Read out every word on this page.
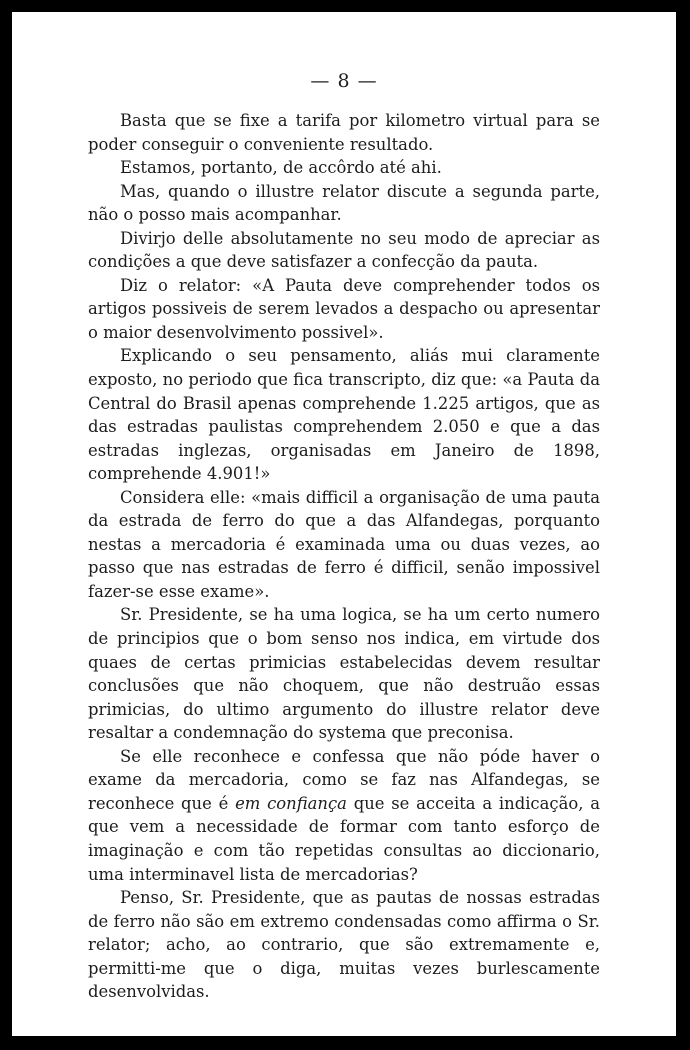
— 8 —

Basta que se fixe a tarifa por kilometro virtual para se poder conseguir o conveniente resultado.

Estamos, portanto, de accôrdo até ahi.

Mas, quando o illustre relator discute a segunda parte, não o posso mais acompanhar.

Divirjo delle absolutamente no seu modo de apreciar as condições a que deve satisfazer a confecção da pauta.

Diz o relator: «A Pauta deve comprehender todos os artigos possiveis de serem levados a despacho ou apresentar o maior desenvolvimento possivel».

Explicando o seu pensamento, aliás mui claramente exposto, no periodo que fica transcripto, diz que: «a Pauta da Central do Brasil apenas comprehende 1.225 artigos, que as das estradas paulistas comprehendem 2.050 e que a das estradas inglezas, organisadas em Janeiro de 1898, comprehende 4.901!»

Considera elle: «mais difficil a organisação de uma pauta da estrada de ferro do que a das Alfandegas, porquanto nestas a mercadoria é examinada uma ou duas vezes, ao passo que nas estradas de ferro é difficil, senão impossivel fazer-se esse exame».

Sr. Presidente, se ha uma logica, se ha um certo numero de principios que o bom senso nos indica, em virtude dos quaes de certas primicias estabelecidas devem resultar conclusões que não choquem, que não destruão essas primicias, do ultimo argumento do illustre relator deve resaltar a condemnação do systema que preconisa.

Se elle reconhece e confessa que não póde haver o exame da mercadoria, como se faz nas Alfandegas, se reconhece que é em confiança que se acceita a indicação, a que vem a necessidade de formar com tanto esforço de imaginação e com tão repetidas consultas ao diccionario, uma interminavel lista de mercadorias?

Penso, Sr. Presidente, que as pautas de nossas estradas de ferro não são em extremo condensadas como affirma o Sr. relator; acho, ao contrario, que são extremamente e, permitti-me que o diga, muitas vezes burlescamente desenvolvidas.
